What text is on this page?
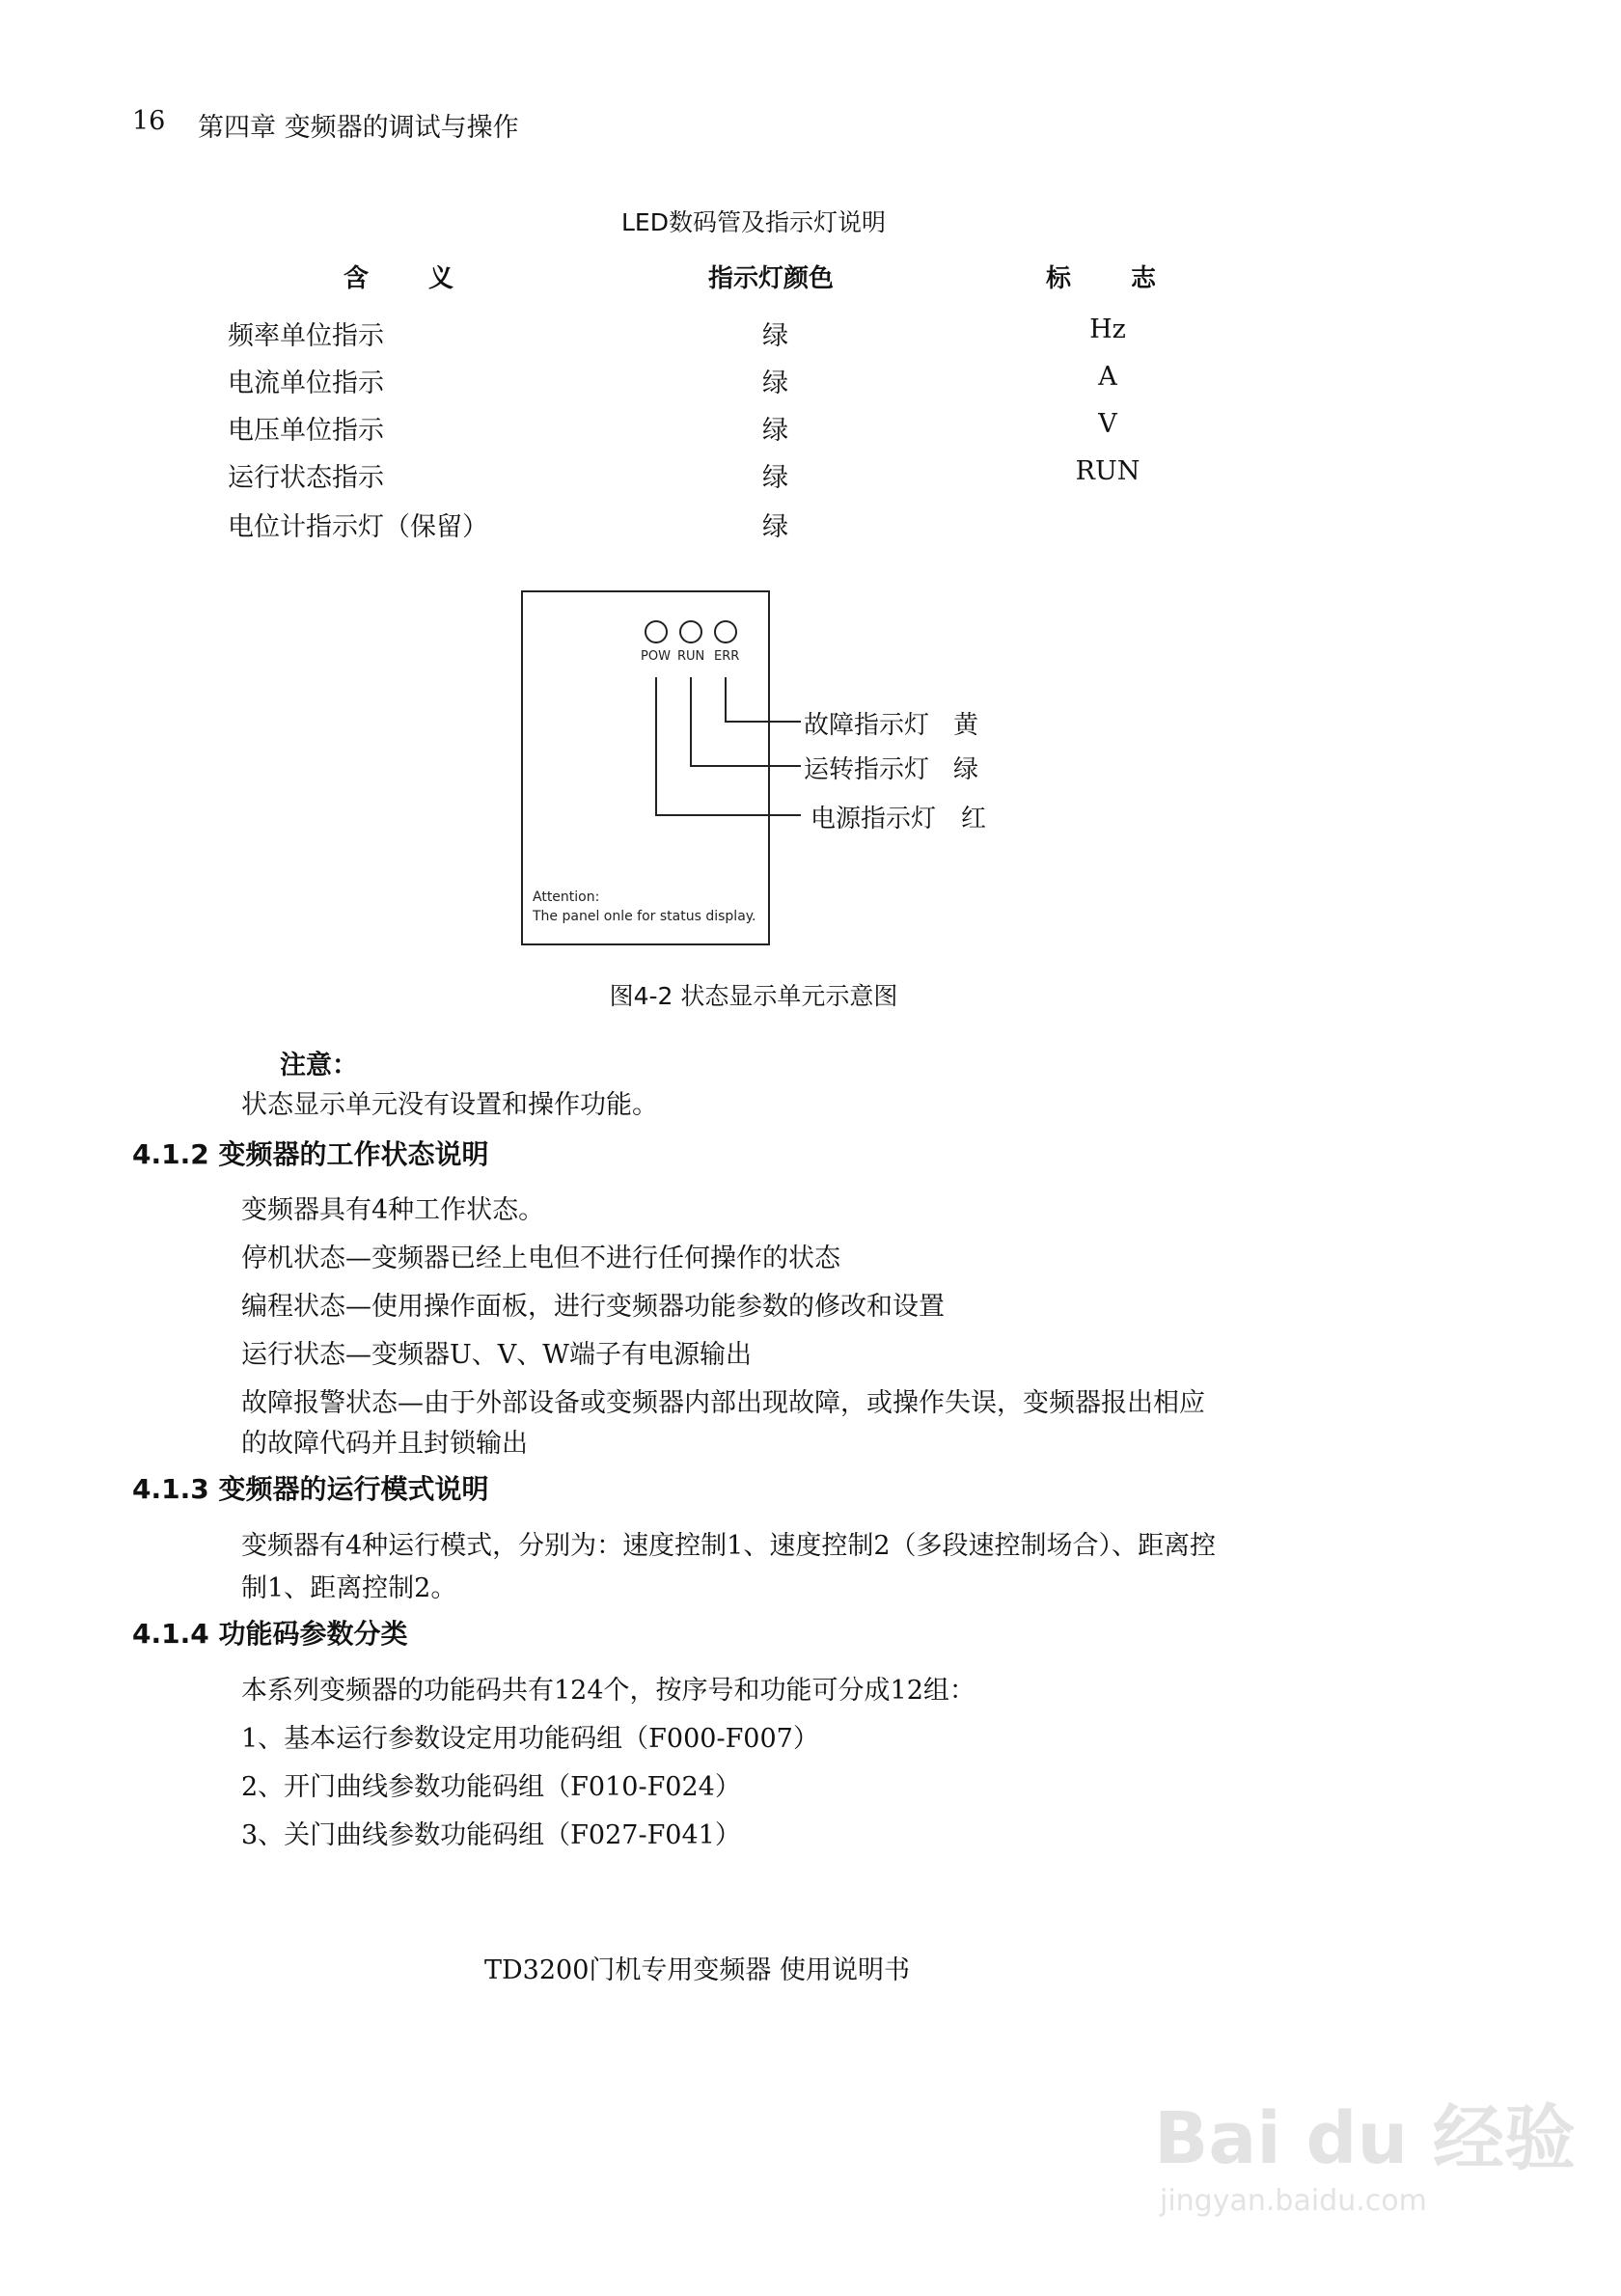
16 第四章 变频器的调试与操作
LED数码管及指示灯说明
含义	指示灯颜色	标志
频率单位指示	绿	Hz
电流单位指示	绿	A
电压单位指示	绿	V
运行状态指示	绿	RUN
电位计指示灯（保留）	绿
POW RUN ERR
故障指示灯 黄
运转指示灯 绿
电源指示灯 红
Attention:
The panel onle for status display.
图4-2 状态显示单元示意图
注意：
状态显示单元没有设置和操作功能。
4.1.2 变频器的工作状态说明
变频器具有4种工作状态。
停机状态—变频器已经上电但不进行任何操作的状态
编程状态—使用操作面板，进行变频器功能参数的修改和设置
运行状态—变频器U、V、W端子有电源输出
故障报警状态—由于外部设备或变频器内部出现故障，或操作失误，变频器报出相应
的故障代码并且封锁输出
4.1.3 变频器的运行模式说明
变频器有4种运行模式，分别为：速度控制1、速度控制2（多段速控制场合）、距离控
制1、距离控制2。
4.1.4 功能码参数分类
本系列变频器的功能码共有124个，按序号和功能可分成12组：
1、基本运行参数设定用功能码组（F000-F007）
2、开门曲线参数功能码组（F010-F024）
3、关门曲线参数功能码组（F027-F041）
TD3200门机专用变频器 使用说明书
Bai du 经验
jingyan.baidu.com
